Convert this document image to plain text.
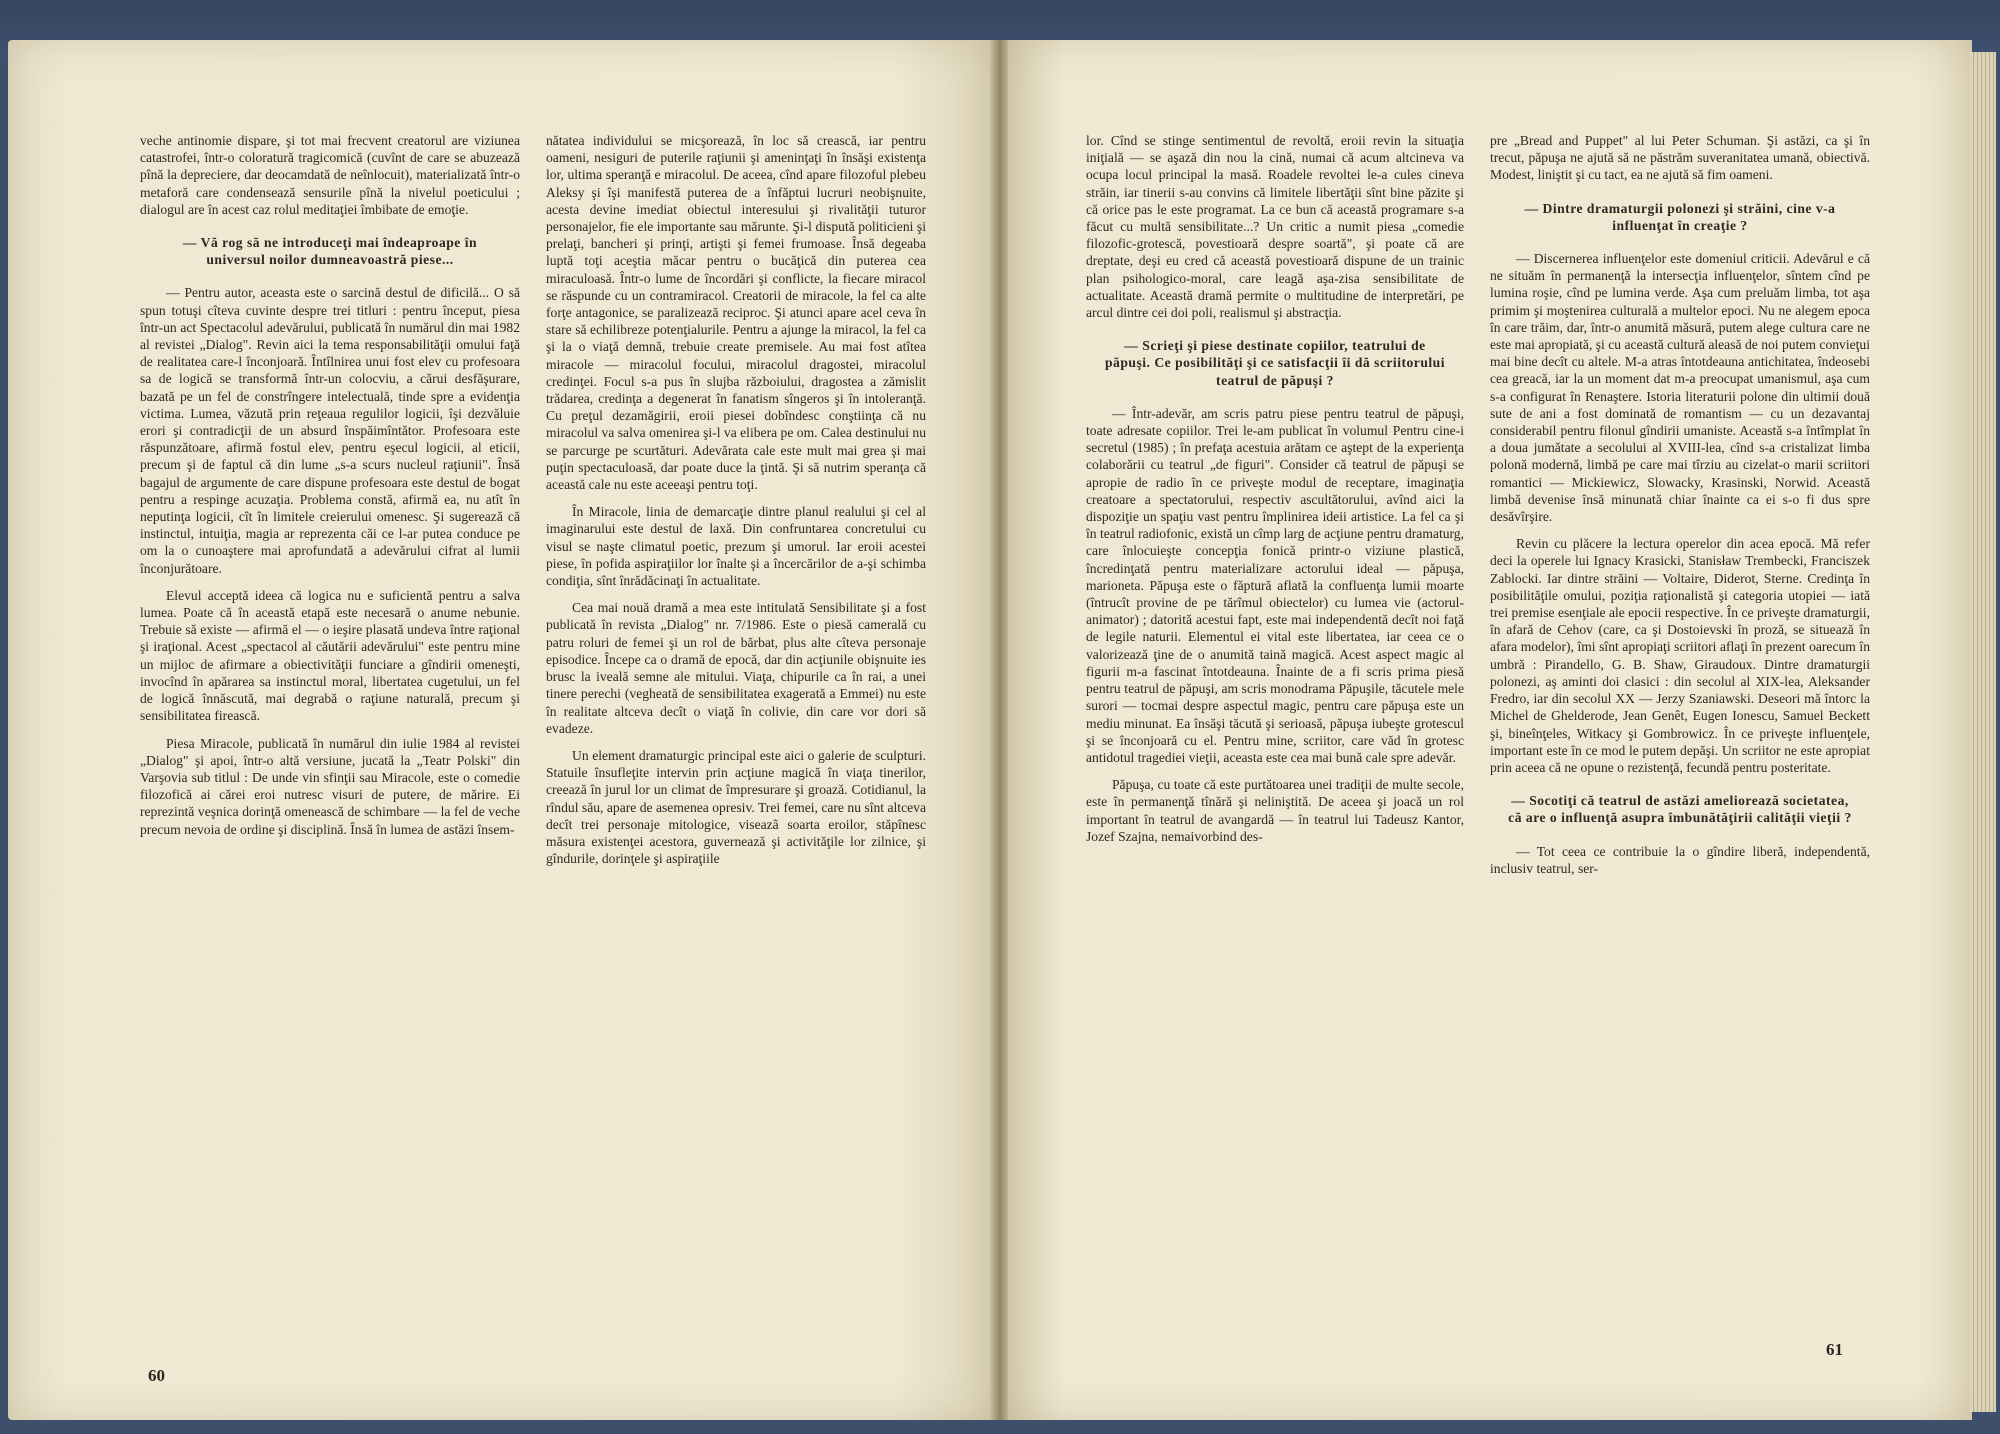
veche antinomie dispare, şi tot mai frecvent creatorul are viziunea catastrofei, într-o coloratură tragicomică (cuvînt de care se abuzează pînă la depreciere, dar deocamdată de neînlocuit), materializată într-o metaforă care condensează sensurile pînă la nivelul poeticului ; dialogul are în acest caz rolul meditaţiei îmbibate de emoţie.

— Vă rog să ne introduceţi mai îndeaproape în universul noilor dumneavoastră piese...

— Pentru autor, aceasta este o sarcină destul de dificilă... O să spun totuşi cîteva cuvinte despre trei titluri : pentru început, piesa într-un act Spectacolul adevărului, publicată în numărul din mai 1982 al revistei „Dialog". Revin aici la tema responsabilităţii omului faţă de realitatea care-l înconjoară. Întîlnirea unui fost elev cu profesoara sa de logică se transformă într-un colocviu, a cărui desfăşurare, bazată pe un fel de constrîngere intelectuală, tinde spre a evidenţia victima. Lumea, văzută prin reţeaua regulilor logicii, îşi dezvăluie erori şi contradicţii de un absurd înspăimîntător. Profesoara este răspunzătoare, afirmă fostul elev, pentru eşecul logicii, al eticii, precum şi de faptul că din lume „s-a scurs nucleul raţiunii". Însă bagajul de argumente de care dispune profesoara este destul de bogat pentru a respinge acuzaţia. Problema constă, afirmă ea, nu atît în neputinţa logicii, cît în limitele creierului omenesc. Şi sugerează că instinctul, intuiţia, magia ar reprezenta căi ce l-ar putea conduce pe om la o cunoaştere mai aprofundată a adevărului cifrat al lumii înconjurătoare.

Elevul acceptă ideea că logica nu e suficientă pentru a salva lumea. Poate că în această etapă este necesară o anume nebunie. Trebuie să existe — afirmă el — o ieşire plasată undeva între raţional şi iraţional. Acest „spectacol al căutării adevărului" este pentru mine un mijloc de afirmare a obiectivităţii funciare a gîndirii omeneşti, invocînd în apărarea sa instinctul moral, libertatea cugetului, un fel de logică înnăscută, mai degrabă o raţiune naturală, precum şi sensibilitatea firească.

Piesa Miracole, publicată în numărul din iulie 1984 al revistei „Dialog" şi apoi, într-o altă versiune, jucată la „Teatr Polski" din Varşovia sub titlul : De unde vin sfinţii sau Miracole, este o comedie filozofică ai cărei eroi nutresc visuri de putere, de mărire. Ei reprezintă veşnica dorinţă omenească de schimbare — la fel de veche precum nevoia de ordine şi disciplină. Însă în lumea de astăzi însem-

nătatea individului se micşorează, în loc să crească, iar pentru oameni, nesiguri de puterile raţiunii şi ameninţaţi în însăşi existenţa lor, ultima speranţă e miracolul. De aceea, cînd apare filozoful plebeu Aleksy şi îşi manifestă puterea de a înfăptui lucruri neobişnuite, acesta devine imediat obiectul interesului şi rivalităţii tuturor personajelor, fie ele importante sau mărunte. Şi-l dispută politicieni şi prelaţi, bancheri şi prinţi, artişti şi femei frumoase. Însă degeaba luptă toţi aceştia măcar pentru o bucăţică din puterea cea miraculoasă. Într-o lume de încordări şi conflicte, la fiecare miracol se răspunde cu un contramiracol. Creatorii de miracole, la fel ca alte forţe antagonice, se paralizează reciproc. Şi atunci apare acel ceva în stare să echilibreze potenţialurile. Pentru a ajunge la miracol, la fel ca şi la o viaţă demnă, trebuie create premisele. Au mai fost atîtea miracole — miracolul focului, miracolul dragostei, miracolul credinţei. Focul s-a pus în slujba războiului, dragostea a zămislit trădarea, credinţa a degenerat în fanatism sîngeros şi în intoleranţă. Cu preţul dezamăgirii, eroii piesei dobîndesc conştiinţa că nu miracolul va salva omenirea şi-l va elibera pe om. Calea destinului nu se parcurge pe scurtături. Adevărata cale este mult mai grea şi mai puţin spectaculoasă, dar poate duce la ţintă. Şi să nutrim speranţa că această cale nu este aceeaşi pentru toţi.

În Miracole, linia de demarcaţie dintre planul realului şi cel al imaginarului este destul de laxă. Din confruntarea concretului cu visul se naşte climatul poetic, prezum şi umorul. Iar eroii acestei piese, în pofida aspiraţiilor lor înalte şi a încercărilor de a-şi schimba condiţia, sînt înrădăcinaţi în actualitate.

Cea mai nouă dramă a mea este intitulată Sensibilitate şi a fost publicată în revista „Dialog" nr. 7/1986. Este o piesă camerală cu patru roluri de femei şi un rol de bărbat, plus alte cîteva personaje episodice. Începe ca o dramă de epocă, dar din acţiunile obişnuite ies brusc la iveală semne ale mitului. Viaţa, chipurile ca în rai, a unei tinere perechi (vegheată de sensibilitatea exagerată a Emmei) nu este în realitate altceva decît o viaţă în colivie, din care vor dori să evadeze.

Un element dramaturgic principal este aici o galerie de sculpturi. Statuile însufleţite intervin prin acţiune magică în viaţa tinerilor, creează în jurul lor un climat de împresurare şi groază. Cotidianul, la rîndul său, apare de asemenea opresiv. Trei femei, care nu sînt altceva decît trei personaje mitologice, viseazã soarta eroilor, stăpînesc măsura existenţei acestora, guvernează şi activităţile lor zilnice, şi gîndurile, dorinţele şi aspiraţiile

60

lor. Cînd se stinge sentimentul de revoltă, eroii revin la situaţia iniţială — se aşază din nou la cină, numai că acum altcineva va ocupa locul principal la masă. Roadele revoltei le-a cules cineva străin, iar tinerii s-au convins că limitele libertăţii sînt bine păzite şi că orice pas le este programat. La ce bun că această programare s-a făcut cu multă sensibilitate...? Un critic a numit piesa „comedie filozofic-grotescă, povestioară despre soartă", şi poate că are dreptate, deşi eu cred că această povestioară dispune de un trainic plan psihologico-moral, care leagă aşa-zisa sensibilitate de actualitate. Această dramă permite o multitudine de interpretări, pe arcul dintre cei doi poli, realismul şi abstracţia.

— Scrieţi şi piese destinate copiilor, teatrului de păpuşi. Ce posibilităţi şi ce satisfacţii îi dă scriitorului teatrul de păpuşi ?

— Într-adevăr, am scris patru piese pentru teatrul de păpuşi, toate adresate copiilor. Trei le-am publicat în volumul Pentru cine-i secretul (1985) ; în prefaţa acestuia arătam ce aştept de la experienţa colaborării cu teatrul „de figuri". Consider că teatrul de păpuşi se apropie de radio în ce priveşte modul de receptare, imaginaţia creatoare a spectatorului, respectiv ascultătorului, avînd aici la dispoziţie un spaţiu vast pentru împlinirea ideii artistice. La fel ca şi în teatrul radiofonic, există un cîmp larg de acţiune pentru dramaturg, care înlocuieşte concepţia fonică printr-o viziune plastică, încredinţată pentru materializare actorului ideal — păpuşa, marioneta. Păpuşa este o făptură aflată la confluenţa lumii moarte (întrucît provine de pe tărîmul obiectelor) cu lumea vie (actorul-animator) ; datorită acestui fapt, este mai independentă decît noi faţă de legile naturii. Elementul ei vital este libertatea, iar ceea ce o valorizează ţine de o anumită taină magică. Acest aspect magic al figurii m-a fascinat întotdeauna. Înainte de a fi scris prima piesă pentru teatrul de păpuşi, am scris monodrama Păpuşile, tăcutele mele surori — tocmai despre aspectul magic, pentru care păpuşa este un mediu minunat. Ea însăşi tăcută şi serioasă, păpuşa iubeşte grotescul şi se înconjoară cu el. Pentru mine, scriitor, care văd în grotesc antidotul tragediei vieţii, aceasta este cea mai bună cale spre adevăr.

Păpuşa, cu toate că este purtătoarea unei tradiţii de multe secole, este în permanenţă tînără şi neliniştită. De aceea şi joacă un rol important în teatrul de avangardă — în teatrul lui Tadeusz Kantor, Jozef Szajna, nemaivorbind des-

pre „Bread and Puppet" al lui Peter Schuman. Şi astăzi, ca şi în trecut, păpuşa ne ajută să ne păstrăm suveranitatea umană, obiectivă. Modest, liniştit şi cu tact, ea ne ajută să fim oameni.

— Dintre dramaturgii polonezi şi străini, cine v-a influenţat în creaţie ?

— Discernerea influenţelor este domeniul criticii. Adevărul e că ne situăm în permanenţă la intersecţia influenţelor, sîntem cînd pe lumina roşie, cînd pe lumina verde. Aşa cum preluăm limba, tot aşa primim şi moştenirea culturală a multelor epoci. Nu ne alegem epoca în care trăim, dar, într-o anumită măsură, putem alege cultura care ne este mai apropiată, şi cu această cultură aleasă de noi putem convieţui mai bine decît cu altele. M-a atras întotdeauna antichitatea, îndeosebi cea greacă, iar la un moment dat m-a preocupat umanismul, aşa cum s-a configurat în Renaştere. Istoria literaturii polone din ultimii două sute de ani a fost dominată de romantism — cu un dezavantaj considerabil pentru filonul gîndirii umaniste. Această s-a întîmplat în a doua jumătate a secolului al XVIII-lea, cînd s-a cristalizat limba polonă modernă, limbă pe care mai tîrziu au cizelat-o marii scriitori romantici — Mickiewicz, Slowacky, Krasinski, Norwid. Această limbă devenise însă minunată chiar înainte ca ei s-o fi dus spre desăvîrşire.

Revin cu plăcere la lectura operelor din acea epocă. Mă refer deci la operele lui Ignacy Krasicki, Stanisław Trembecki, Franciszek Zablocki. Iar dintre străini — Voltaire, Diderot, Sterne. Credinţa în posibilităţile omului, poziţia raţionalistă şi categoria utopiei — iată trei premise esenţiale ale epocii respective. În ce priveşte dramaturgii, în afară de Cehov (care, ca şi Dostoievski în proză, se situează în afara modelor), îmi sînt apropiaţi scriitori aflaţi în prezent oarecum în umbră : Pirandello, G. B. Shaw, Giraudoux. Dintre dramaturgii polonezi, aş aminti doi clasici : din secolul al XIX-lea, Aleksander Fredro, iar din secolul XX — Jerzy Szaniawski. Deseori mă întorc la Michel de Ghelderode, Jean Genêt, Eugen Ionescu, Samuel Beckett şi, bineînţeles, Witkacy şi Gombrowicz. În ce priveşte influenţele, important este în ce mod le putem depăşi. Un scriitor ne este apropiat prin aceea că ne opune o rezistenţă, fecundă pentru posteritate.

— Socotiţi că teatrul de astăzi ameliorează societatea, că are o influenţă asupra îmbunătăţirii calităţii vieţii ?

— Tot ceea ce contribuie la o gîndire liberă, independentă, inclusiv teatrul, ser-

61
